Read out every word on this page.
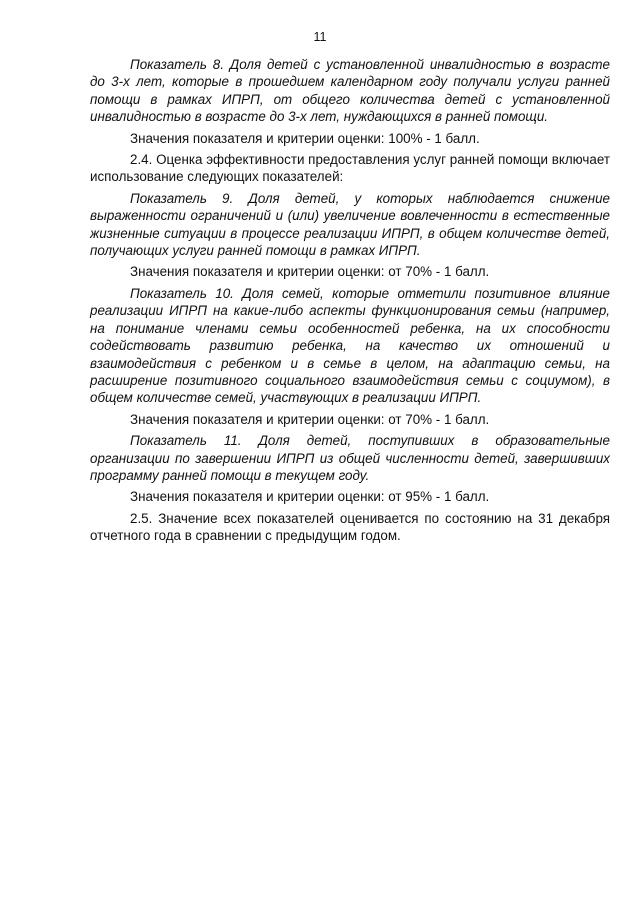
11

Показатель 8. Доля детей с установленной инвалидностью в возрасте до 3-х лет, которые в прошедшем календарном году получали услуги ранней помощи в рамках ИПРП, от общего количества детей с установленной инвалидностью в возрасте до 3-х лет, нуждающихся в ранней помощи.

Значения показателя и критерии оценки: 100% - 1 балл.

2.4. Оценка эффективности предоставления услуг ранней помощи включает использование следующих показателей:

Показатель 9. Доля детей, у которых наблюдается снижение выраженности ограничений и (или) увеличение вовлеченности в естественные жизненные ситуации в процессе реализации ИПРП, в общем количестве детей, получающих услуги ранней помощи в рамках ИПРП.

Значения показателя и критерии оценки: от 70% - 1 балл.

Показатель 10. Доля семей, которые отметили позитивное влияние реализации ИПРП на какие-либо аспекты функционирования семьи (например, на понимание членами семьи особенностей ребенка, на их способности содействовать развитию ребенка, на качество их отношений и взаимодействия с ребенком и в семье в целом, на адаптацию семьи, на расширение позитивного социального взаимодействия семьи с социумом), в общем количестве семей, участвующих в реализации ИПРП.

Значения показателя и критерии оценки: от 70% - 1 балл.

Показатель 11. Доля детей, поступивших в образовательные организации по завершении ИПРП из общей численности детей, завершивших программу ранней помощи в текущем году.

Значения показателя и критерии оценки: от 95% - 1 балл.

2.5. Значение всех показателей оценивается по состоянию на 31 декабря отчетного года в сравнении с предыдущим годом.
